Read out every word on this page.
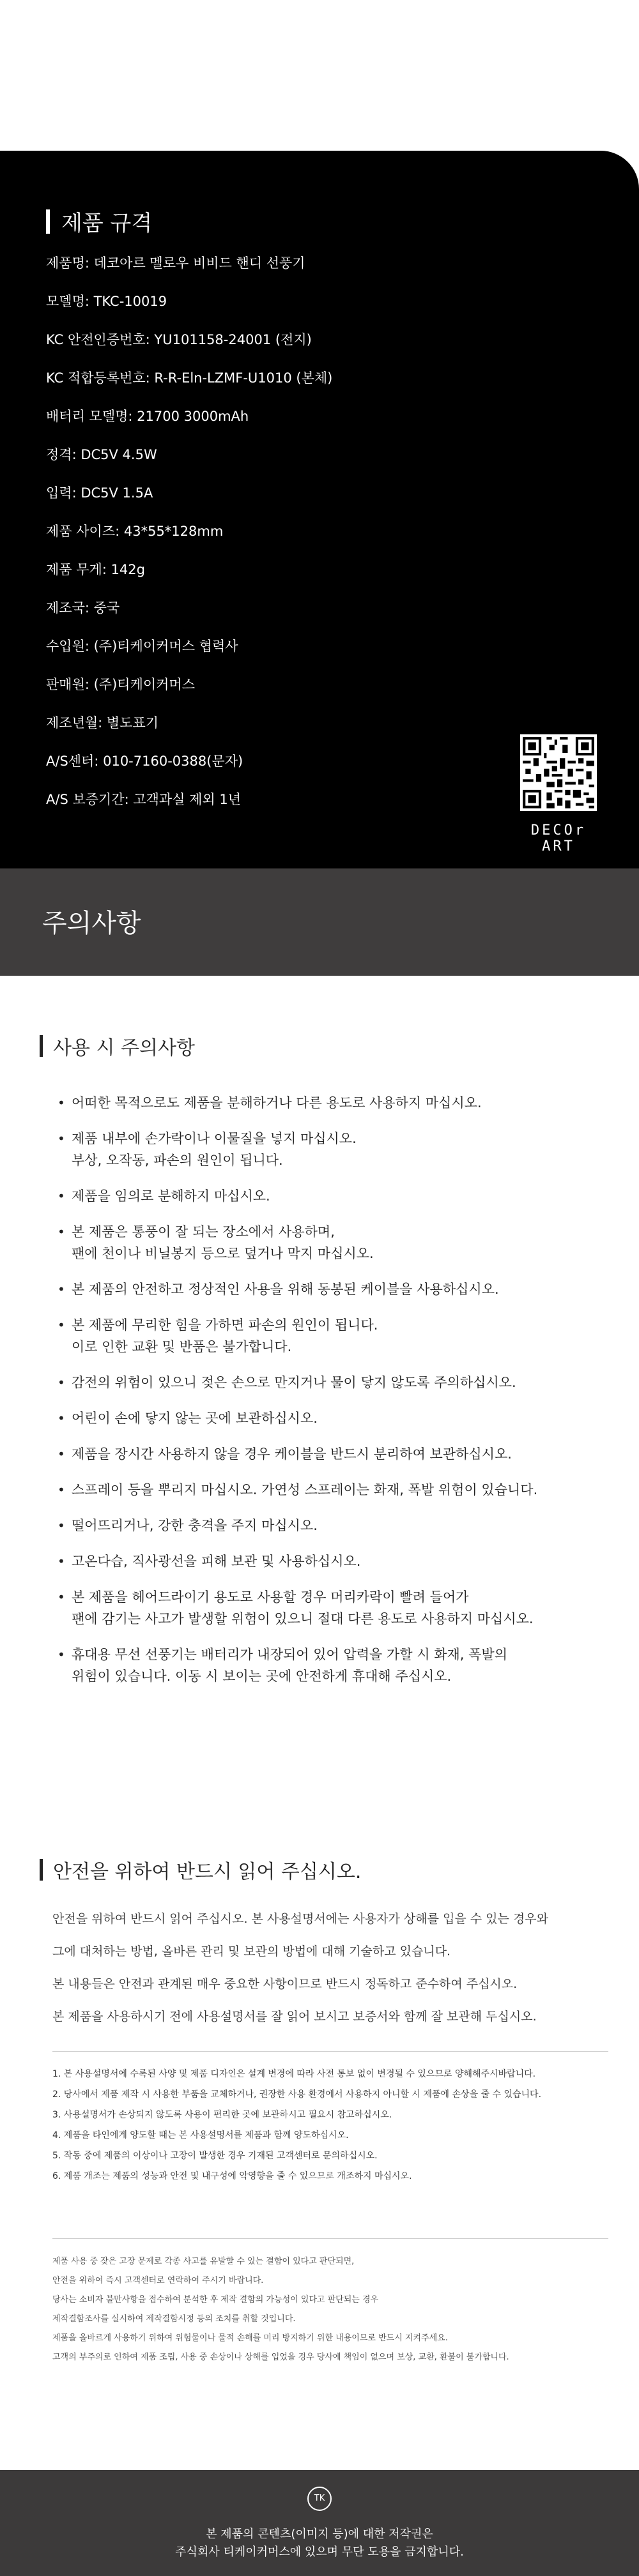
제품 규격
제품명: 데코아르 멜로우 비비드 핸디 선풍기
모델명: TKC-10019
KC 안전인증번호: YU101158-24001 (전지)
KC 적합등록번호: R-R-Eln-LZMF-U1010 (본체)
배터리 모델명: 21700 3000mAh
정격: DC5V 4.5W
입력: DC5V 1.5A
제품 사이즈: 43*55*128mm
제품 무게: 142g
제조국: 중국
수입원: (주)티케이커머스 협력사
판매원: (주)티케이커머스
제조년월: 별도표기
A/S센터: 010-7160-0388(문자)
A/S 보증기간: 고객과실 제외 1년
DECOr ART
주의사항
사용 시 주의사항
• 어떠한 목적으로도 제품을 분해하거나 다른 용도로 사용하지 마십시오.
• 제품 내부에 손가락이나 이물질을 넣지 마십시오.
부상, 오작동, 파손의 원인이 됩니다.
• 제품을 임의로 분해하지 마십시오.
• 본 제품은 통풍이 잘 되는 장소에서 사용하며,
팬에 천이나 비닐봉지 등으로 덮거나 막지 마십시오.
• 본 제품의 안전하고 정상적인 사용을 위해 동봉된 케이블을 사용하십시오.
• 본 제품에 무리한 힘을 가하면 파손의 원인이 됩니다.
이로 인한 교환 및 반품은 불가합니다.
• 감전의 위험이 있으니 젖은 손으로 만지거나 물이 닿지 않도록 주의하십시오.
• 어린이 손에 닿지 않는 곳에 보관하십시오.
• 제품을 장시간 사용하지 않을 경우 케이블을 반드시 분리하여 보관하십시오.
• 스프레이 등을 뿌리지 마십시오. 가연성 스프레이는 화재, 폭발 위험이 있습니다.
• 떨어뜨리거나, 강한 충격을 주지 마십시오.
• 고온다습, 직사광선을 피해 보관 및 사용하십시오.
• 본 제품을 헤어드라이기 용도로 사용할 경우 머리카락이 빨려 들어가
팬에 감기는 사고가 발생할 위험이 있으니 절대 다른 용도로 사용하지 마십시오.
• 휴대용 무선 선풍기는 배터리가 내장되어 있어 압력을 가할 시 화재, 폭발의
위험이 있습니다. 이동 시 보이는 곳에 안전하게 휴대해 주십시오.
안전을 위하여 반드시 읽어 주십시오.
안전을 위하여 반드시 읽어 주십시오. 본 사용설명서에는 사용자가 상해를 입을 수 있는 경우와
그에 대처하는 방법, 올바른 관리 및 보관의 방법에 대해 기술하고 있습니다.
본 내용들은 안전과 관계된 매우 중요한 사항이므로 반드시 정독하고 준수하여 주십시오.
본 제품을 사용하시기 전에 사용설명서를 잘 읽어 보시고 보증서와 함께 잘 보관해 두십시오.
1. 본 사용설명서에 수록된 사양 및 제품 디자인은 설계 변경에 따라 사전 통보 없이 변경될 수 있으므로 양해해주시바랍니다.
2. 당사에서 제품 제작 시 사용한 부품을 교체하거나, 권장한 사용 환경에서 사용하지 아니할 시 제품에 손상을 줄 수 있습니다.
3. 사용설명서가 손상되지 않도록 사용이 편리한 곳에 보관하시고 필요시 참고하십시오.
4. 제품을 타인에게 양도할 때는 본 사용설명서를 제품과 함께 양도하십시오.
5. 작동 중에 제품의 이상이나 고장이 발생한 경우 기재된 고객센터로 문의하십시오.
6. 제품 개조는 제품의 성능과 안전 및 내구성에 악영향을 줄 수 있으므로 개조하지 마십시오.
제품 사용 중 잦은 고장 문제로 각종 사고를 유발할 수 있는 결함이 있다고 판단되면,
안전을 위하여 즉시 고객센터로 연락하여 주시기 바랍니다.
당사는 소비자 불만사항을 접수하여 분석한 후 제작 결함의 가능성이 있다고 판단되는 경우
제작결함조사를 실시하여 제작결함시정 등의 조치를 취할 것입니다.
제품을 올바르게 사용하기 위하여 위험물이나 물적 손해를 미리 방지하기 위한 내용이므로 반드시 지켜주세요.
고객의 부주의로 인하여 제품 조립, 사용 중 손상이나 상해를 입었을 경우 당사에 책임이 없으며 보상, 교환, 환불이 불가합니다.
TK
본 제품의 콘텐츠(이미지 등)에 대한 저작권은
주식회사 티케이커머스에 있으며 무단 도용을 금지합니다.
